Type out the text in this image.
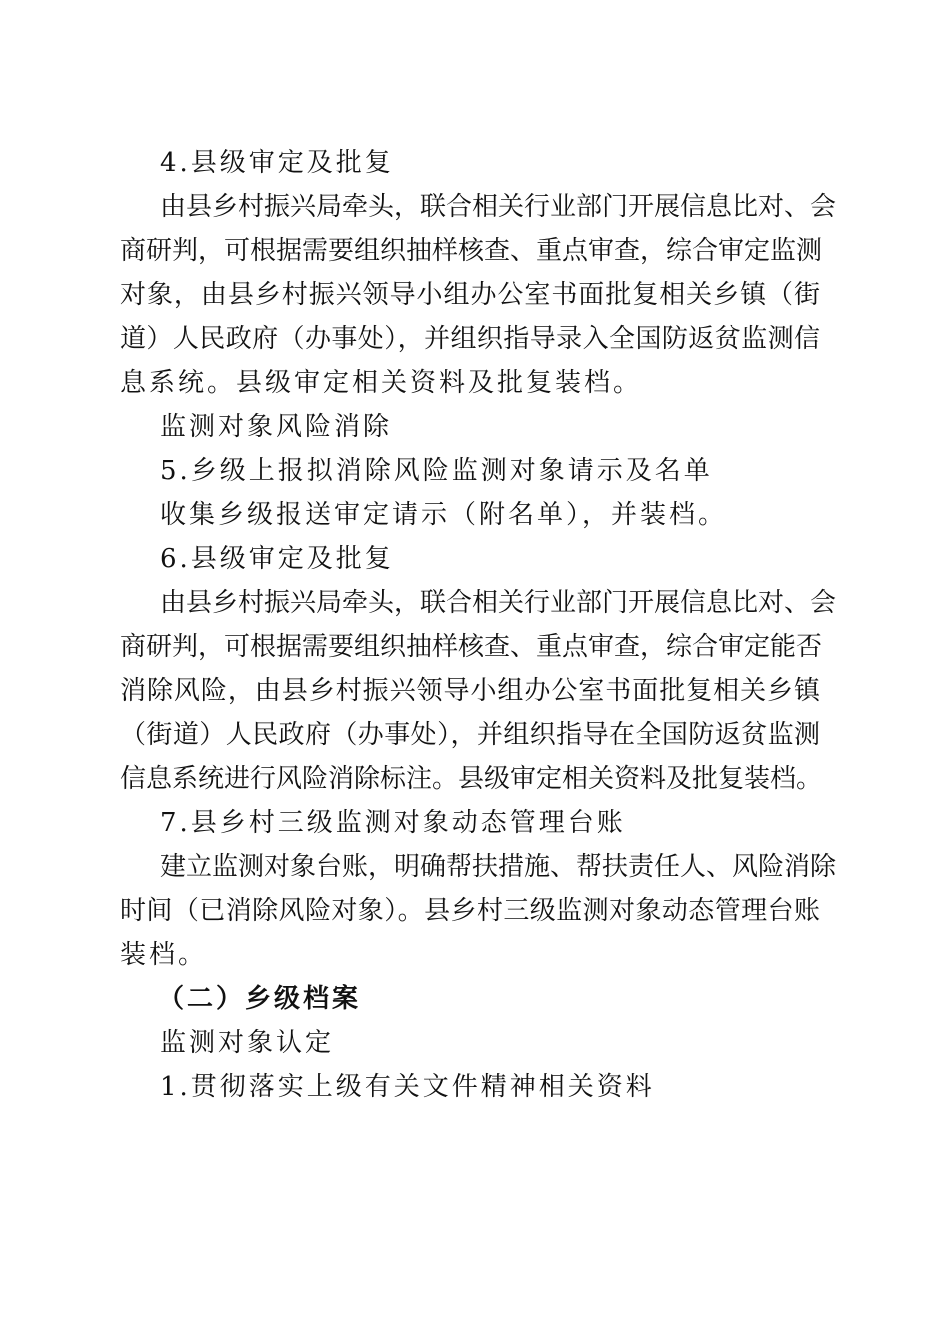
4.县级审定及批复
由县乡村振兴局牵头，联合相关行业部门开展信息比对、会
商研判，可根据需要组织抽样核查、重点审查，综合审定监测
对象，由县乡村振兴领导小组办公室书面批复相关乡镇（街
道）人民政府（办事处），并组织指导录入全国防返贫监测信
息系统。县级审定相关资料及批复装档。
监测对象风险消除
5.乡级上报拟消除风险监测对象请示及名单
收集乡级报送审定请示（附名单），并装档。
6.县级审定及批复
由县乡村振兴局牵头，联合相关行业部门开展信息比对、会
商研判，可根据需要组织抽样核查、重点审查，综合审定能否
消除风险，由县乡村振兴领导小组办公室书面批复相关乡镇
（街道）人民政府（办事处），并组织指导在全国防返贫监测
信息系统进行风险消除标注。县级审定相关资料及批复装档。
7.县乡村三级监测对象动态管理台账
建立监测对象台账，明确帮扶措施、帮扶责任人、风险消除
时间（已消除风险对象）。县乡村三级监测对象动态管理台账
装档。
（二）乡级档案
监测对象认定
1.贯彻落实上级有关文件精神相关资料
